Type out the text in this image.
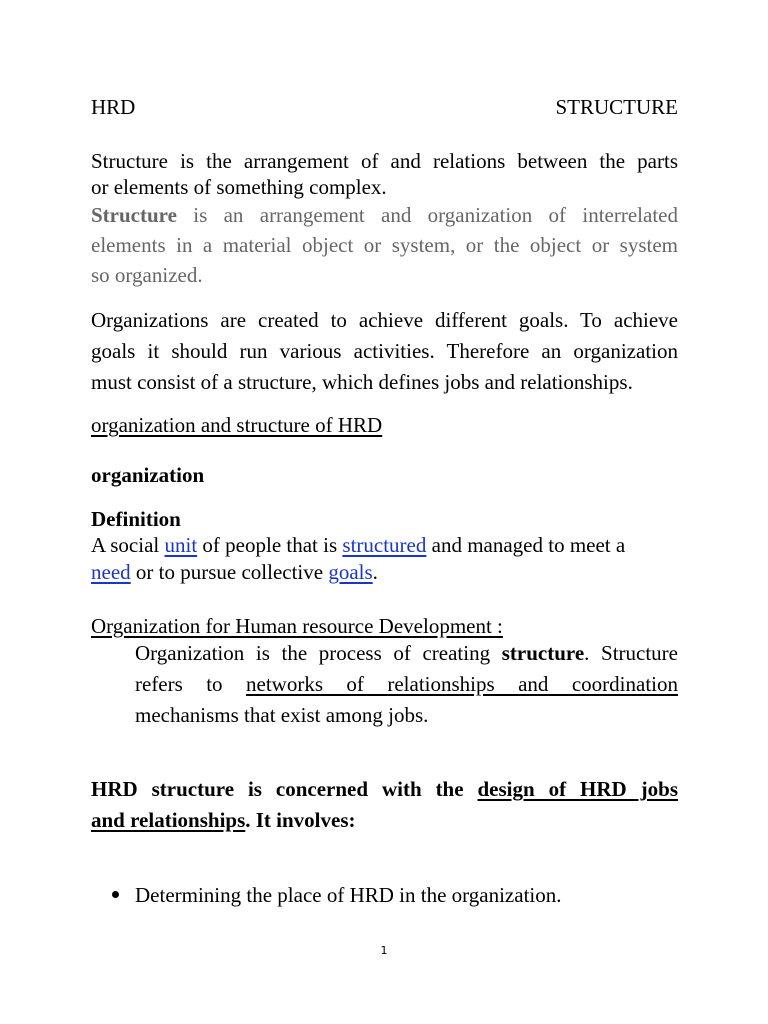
HRD	STRUCTURE
Structure is the arrangement of and relations between the parts
or elements of something complex.
Structure is an arrangement and organization of interrelated
elements in a material object or system, or the object or system
so organized.
Organizations are created to achieve different goals. To achieve
goals it should run various activities. Therefore an organization
must consist of a structure, which defines jobs and relationships.
organization and structure of HRD
organization
Definition
A social unit of people that is structured and managed to meet a
need or to pursue collective goals.
Organization for Human resource Development :
Organization is the process of creating structure. Structure
refers to networks of relationships and coordination
mechanisms that exist among jobs.
HRD structure is concerned with the design of HRD jobs
and relationships. It involves:
Determining the place of HRD in the organization.
1
